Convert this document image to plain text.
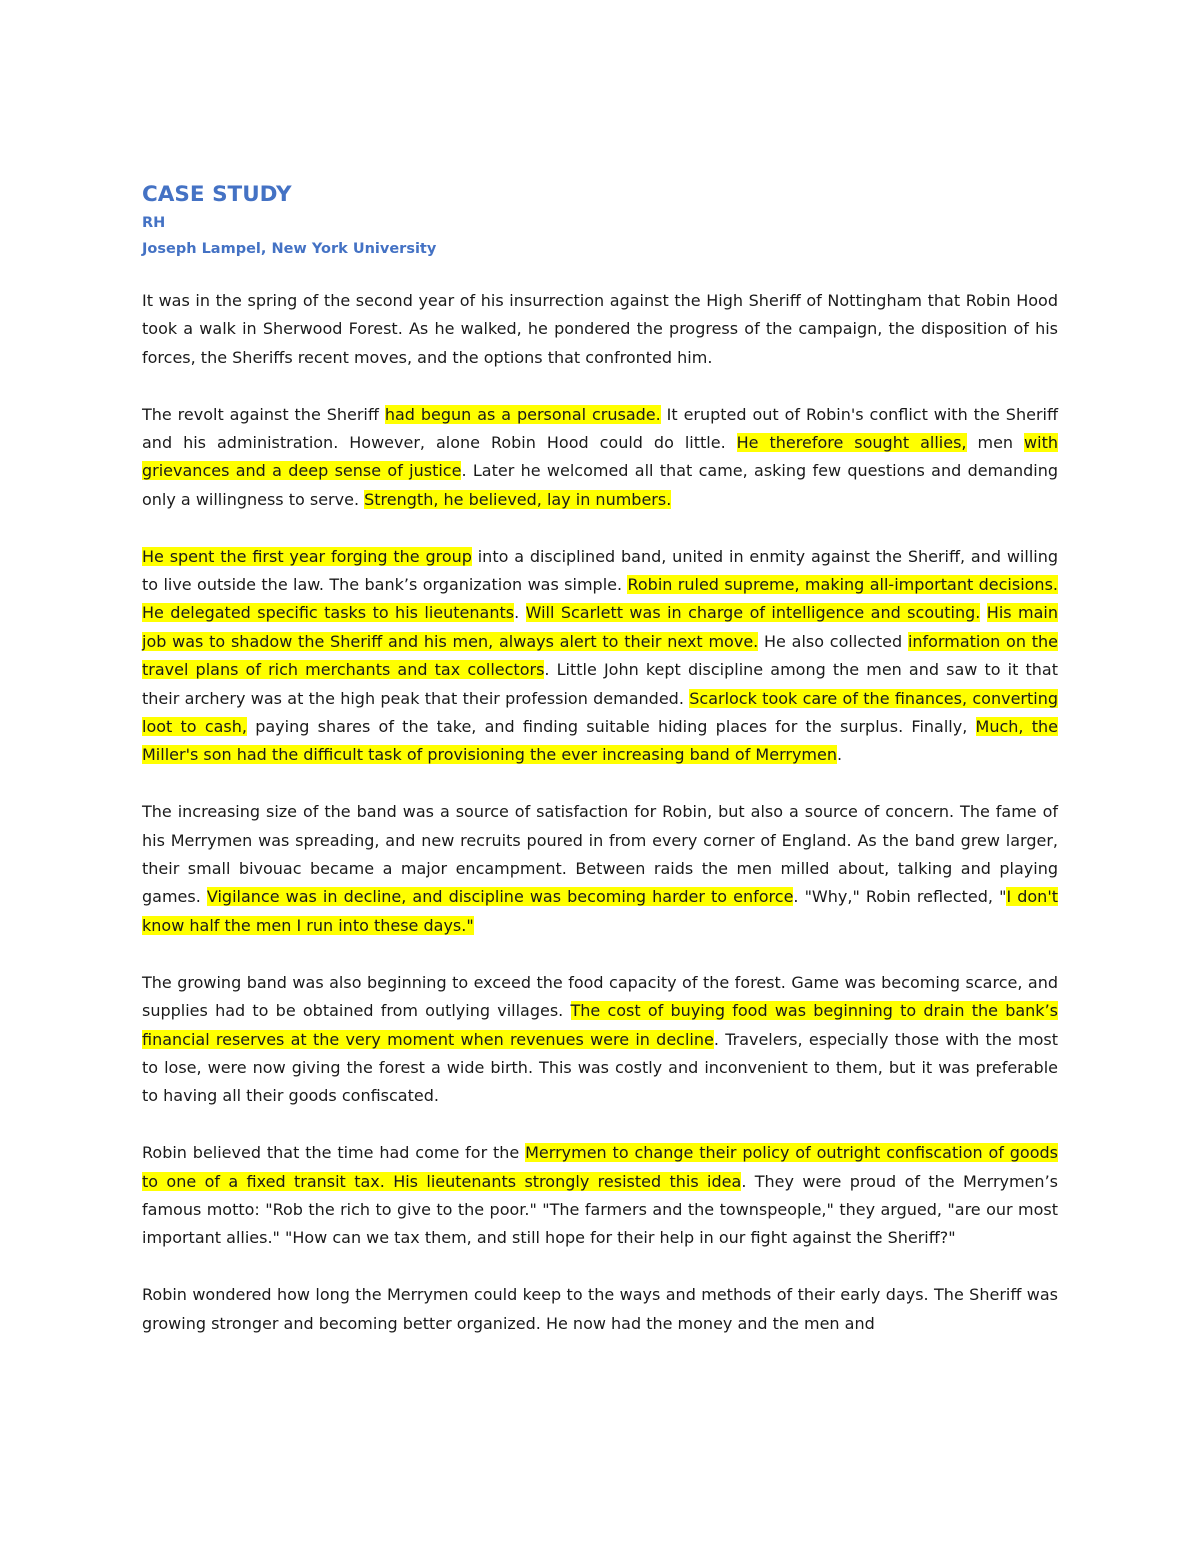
CASE STUDY
RH
Joseph Lampel, New York University

It was in the spring of the second year of his insurrection against the High Sheriff of Nottingham that Robin Hood took a walk in Sherwood Forest. As he walked, he pondered the progress of the campaign, the disposition of his forces, the Sheriffs recent moves, and the options that confronted him.

The revolt against the Sheriff had begun as a personal crusade. It erupted out of Robin's conflict with the Sheriff and his administration. However, alone Robin Hood could do little. He therefore sought allies, men with grievances and a deep sense of justice. Later he welcomed all that came, asking few questions and demanding only a willingness to serve. Strength, he believed, lay in numbers.

He spent the first year forging the group into a disciplined band, united in enmity against the Sheriff, and willing to live outside the law. The bank’s organization was simple. Robin ruled supreme, making all-important decisions. He delegated specific tasks to his lieutenants. Will Scarlett was in charge of intelligence and scouting. His main job was to shadow the Sheriff and his men, always alert to their next move. He also collected information on the travel plans of rich merchants and tax collectors. Little John kept discipline among the men and saw to it that their archery was at the high peak that their profession demanded. Scarlock took care of the finances, converting loot to cash, paying shares of the take, and finding suitable hiding places for the surplus. Finally, Much, the Miller's son had the difficult task of provisioning the ever increasing band of Merrymen.

The increasing size of the band was a source of satisfaction for Robin, but also a source of concern. The fame of his Merrymen was spreading, and new recruits poured in from every corner of England. As the band grew larger, their small bivouac became a major encampment. Between raids the men milled about, talking and playing games. Vigilance was in decline, and discipline was becoming harder to enforce. "Why," Robin reflected, "I don't know half the men I run into these days."

The growing band was also beginning to exceed the food capacity of the forest. Game was becoming scarce, and supplies had to be obtained from outlying villages. The cost of buying food was beginning to drain the bank’s financial reserves at the very moment when revenues were in decline. Travelers, especially those with the most to lose, were now giving the forest a wide birth. This was costly and inconvenient to them, but it was preferable to having all their goods confiscated.

Robin believed that the time had come for the Merrymen to change their policy of outright confiscation of goods to one of a fixed transit tax. His lieutenants strongly resisted this idea. They were proud of the Merrymen’s famous motto: "Rob the rich to give to the poor." "The farmers and the townspeople," they argued, "are our most important allies." "How can we tax them, and still hope for their help in our fight against the Sheriff?"

Robin wondered how long the Merrymen could keep to the ways and methods of their early days. The Sheriff was growing stronger and becoming better organized. He now had the money and the men and
